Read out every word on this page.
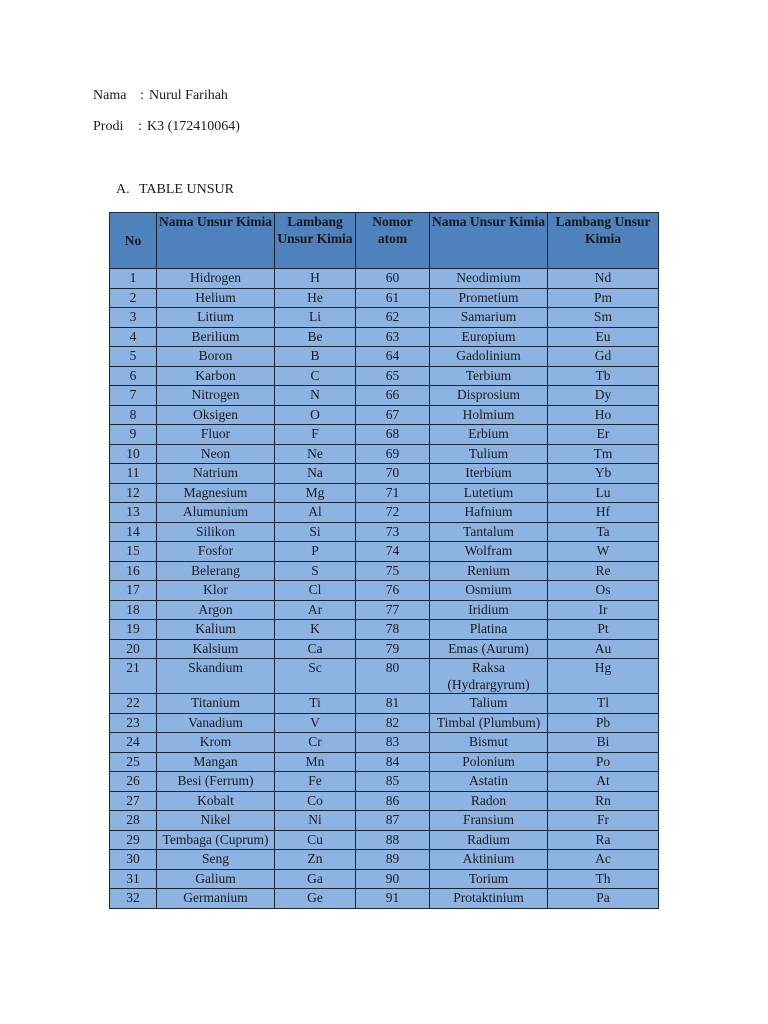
Nama : Nurul Farihah
Prodi : K3 (172410064)
A. TABLE UNSUR
No	Nama Unsur Kimia	Lambang Unsur Kimia	Nomor atom	Nama Unsur Kimia	Lambang Unsur Kimia
1	Hidrogen	H	60	Neodimium	Nd
2	Helium	He	61	Prometium	Pm
3	Litium	Li	62	Samarium	Sm
4	Berilium	Be	63	Europium	Eu
5	Boron	B	64	Gadolinium	Gd
6	Karbon	C	65	Terbium	Tb
7	Nitrogen	N	66	Disprosium	Dy
8	Oksigen	O	67	Holmium	Ho
9	Fluor	F	68	Erbium	Er
10	Neon	Ne	69	Tulium	Tm
11	Natrium	Na	70	Iterbium	Yb
12	Magnesium	Mg	71	Lutetium	Lu
13	Alumunium	Al	72	Hafnium	Hf
14	Silikon	Si	73	Tantalum	Ta
15	Fosfor	P	74	Wolfram	W
16	Belerang	S	75	Renium	Re
17	Klor	Cl	76	Osmium	Os
18	Argon	Ar	77	Iridium	Ir
19	Kalium	K	78	Platina	Pt
20	Kalsium	Ca	79	Emas (Aurum)	Au
21	Skandium	Sc	80	Raksa (Hydrargyrum)	Hg
22	Titanium	Ti	81	Talium	Tl
23	Vanadium	V	82	Timbal (Plumbum)	Pb
24	Krom	Cr	83	Bismut	Bi
25	Mangan	Mn	84	Polonium	Po
26	Besi (Ferrum)	Fe	85	Astatin	At
27	Kobalt	Co	86	Radon	Rn
28	Nikel	Ni	87	Fransium	Fr
29	Tembaga (Cuprum)	Cu	88	Radium	Ra
30	Seng	Zn	89	Aktinium	Ac
31	Galium	Ga	90	Torium	Th
32	Germanium	Ge	91	Protaktinium	Pa
